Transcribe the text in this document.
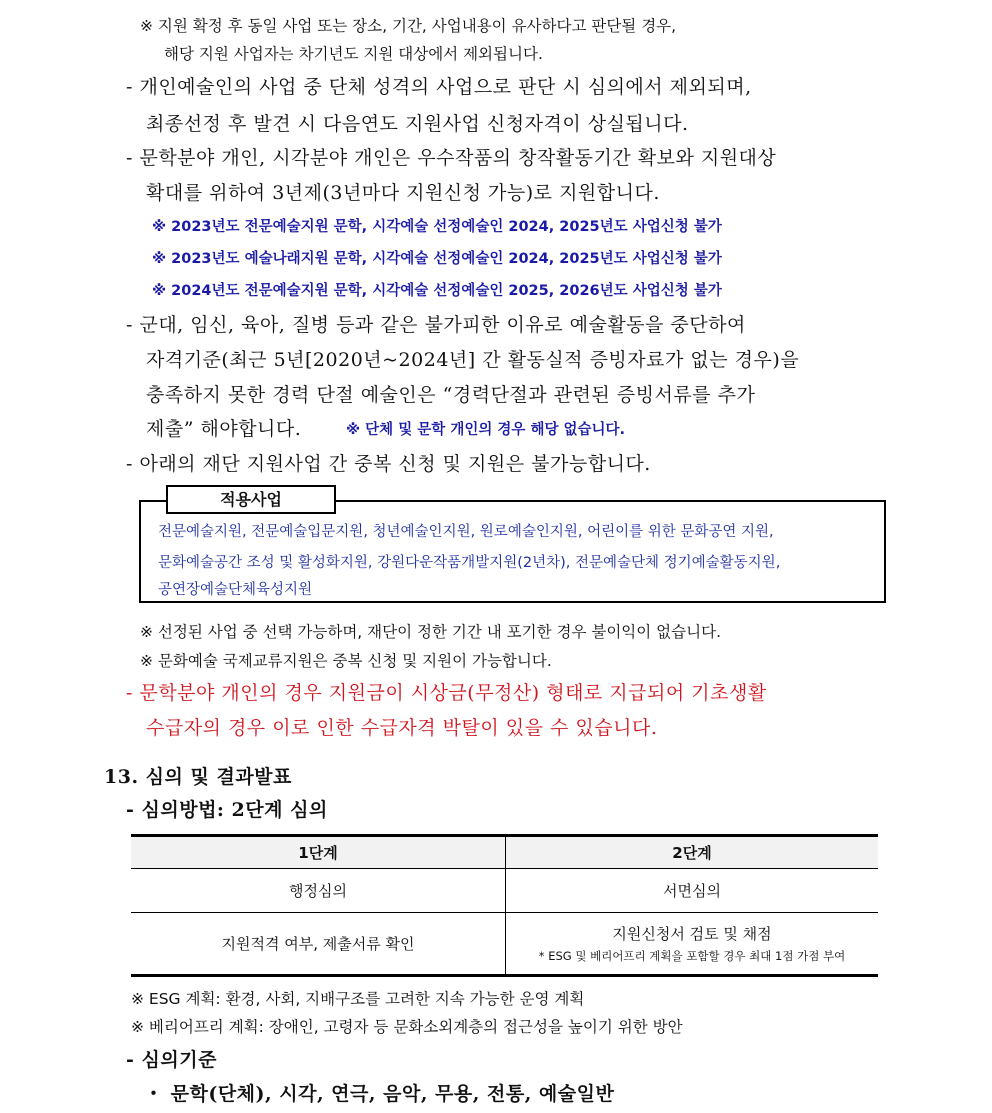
※ 지원 확정 후 동일 사업 또는 장소, 기간, 사업내용이 유사하다고 판단될 경우,
해당 지원 사업자는 차기년도 지원 대상에서 제외됩니다.
- 개인예술인의 사업 중 단체 성격의 사업으로 판단 시 심의에서 제외되며,
최종선정 후 발견 시 다음연도 지원사업 신청자격이 상실됩니다.
- 문학분야 개인, 시각분야 개인은 우수작품의 창작활동기간 확보와 지원대상
확대를 위하여 3년제(3년마다 지원신청 가능)로 지원합니다.
※ 2023년도 전문예술지원 문학, 시각예술 선정예술인 2024, 2025년도 사업신청 불가
※ 2023년도 예술나래지원 문학, 시각예술 선정예술인 2024, 2025년도 사업신청 불가
※ 2024년도 전문예술지원 문학, 시각예술 선정예술인 2025, 2026년도 사업신청 불가
- 군대, 임신, 육아, 질병 등과 같은 불가피한 이유로 예술활동을 중단하여
자격기준(최근 5년[2020년~2024년] 간 활동실적 증빙자료가 없는 경우)을
충족하지 못한 경력 단절 예술인은 “경력단절과 관련된 증빙서류를 추가
제출” 해야합니다.	※ 단체 및 문학 개인의 경우 해당 없습니다.
- 아래의 재단 지원사업 간 중복 신청 및 지원은 불가능합니다.
적용사업
전문예술지원, 전문예술입문지원, 청년예술인지원, 원로예술인지원, 어린이를 위한 문화공연 지원,
문화예술공간 조성 및 활성화지원, 강원다운작품개발지원(2년차), 전문예술단체 정기예술활동지원,
공연장예술단체육성지원
※ 선정된 사업 중 선택 가능하며, 재단이 정한 기간 내 포기한 경우 불이익이 없습니다.
※ 문화예술 국제교류지원은 중복 신청 및 지원이 가능합니다.
- 문학분야 개인의 경우 지원금이 시상금(무정산) 형태로 지급되어 기초생활
수급자의 경우 이로 인한 수급자격 박탈이 있을 수 있습니다.
13. 심의 및 결과발표
- 심의방법: 2단계 심의
1단계	2단계
행정심의	서면심의
지원적격 여부, 제출서류 확인	지원신청서 검토 및 채점
* ESG 및 베리어프리 계획을 포함할 경우 최대 1점 가점 부여
※ ESG 계획: 환경, 사회, 지배구조를 고려한 지속 가능한 운영 계획
※ 베리어프리 계획: 장애인, 고령자 등 문화소외계층의 접근성을 높이기 위한 방안
- 심의기준
・ 문학(단체), 시각, 연극, 음악, 무용, 전통, 예술일반
